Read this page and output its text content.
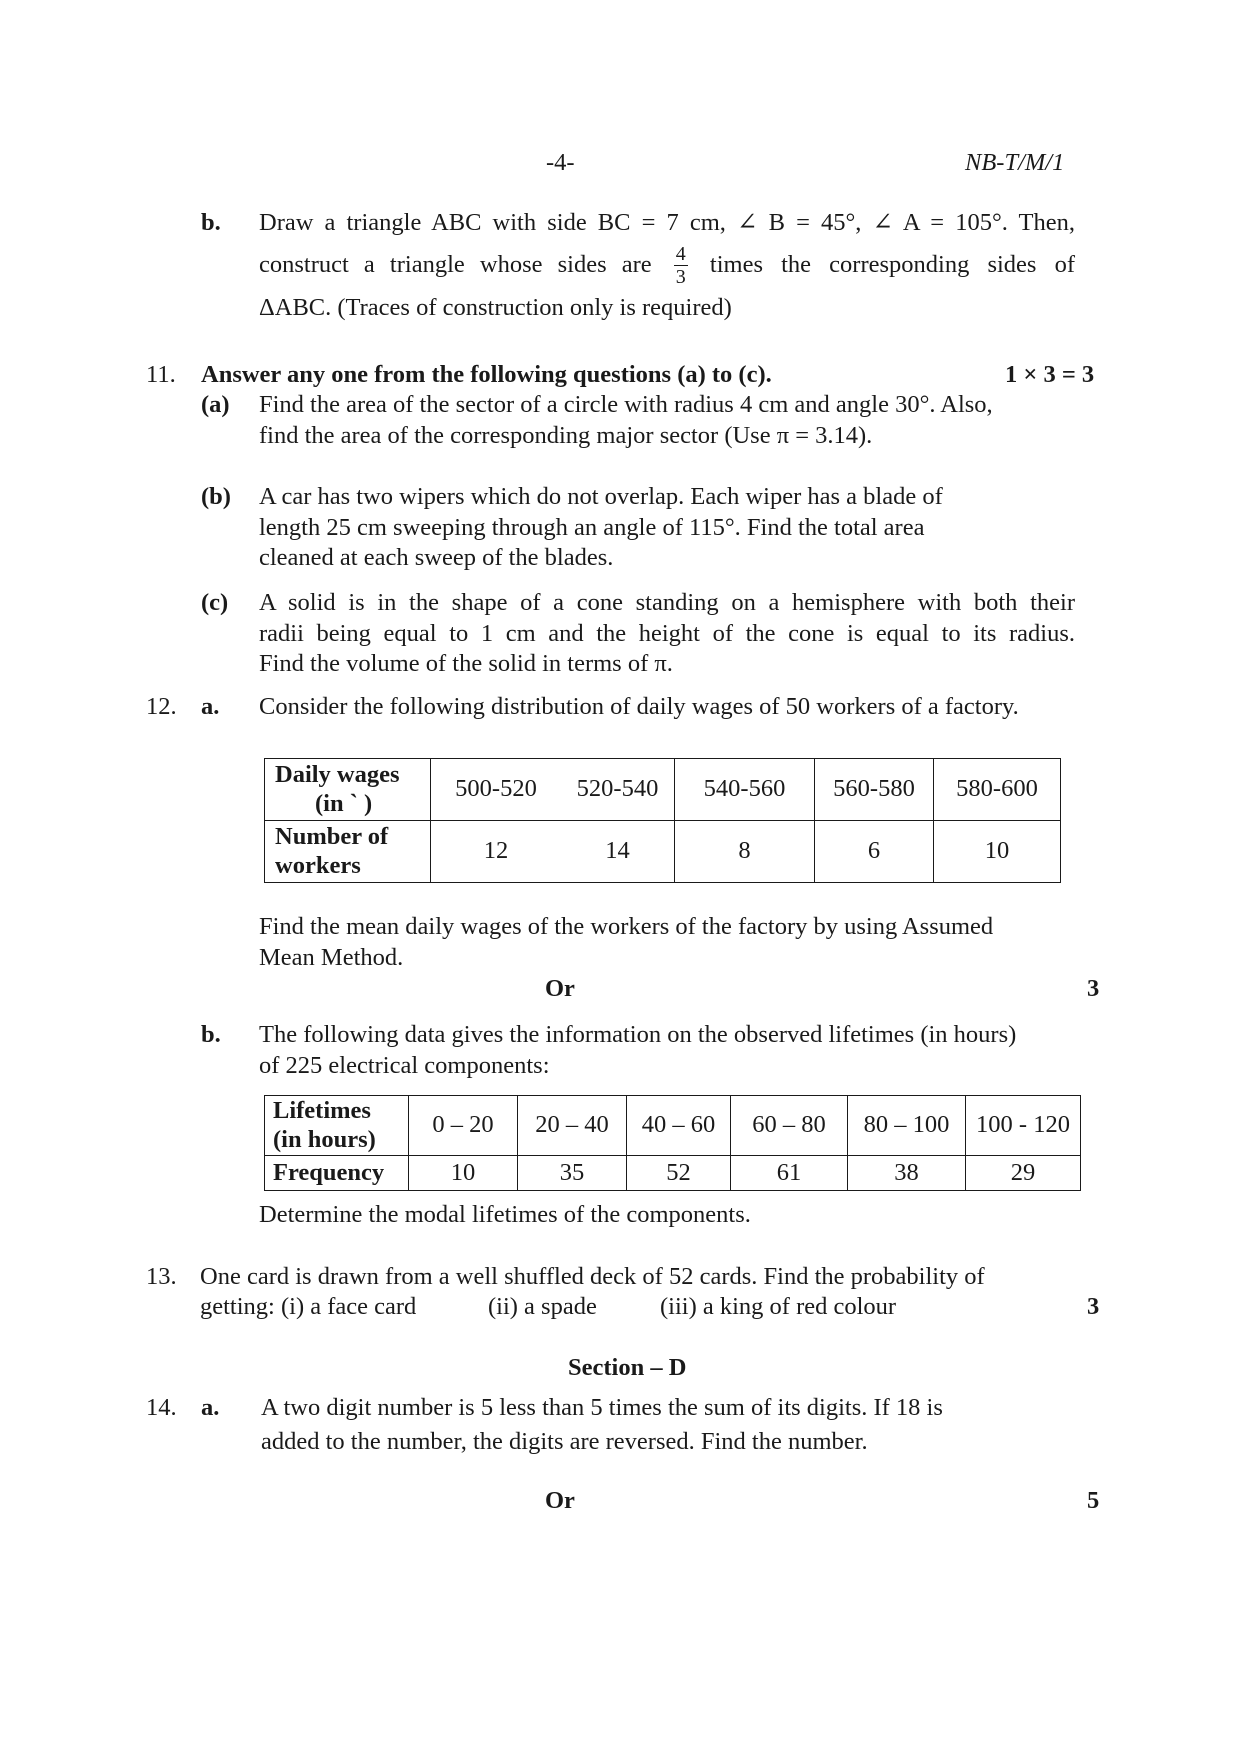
-4-	NB-T/M/1
b. Draw a triangle ABC with side BC = 7 cm, ∠ B = 45°, ∠ A = 105°. Then,
construct a triangle whose sides are $\frac{4}{3}$ times the corresponding sides of
ΔABC. (Traces of construction only is required)
11. Answer any one from the following questions (a) to (c).	1 × 3 = 3
(a) Find the area of the sector of a circle with radius 4 cm and angle 30°. Also,
find the area of the corresponding major sector (Use π = 3.14).
(b) A car has two wipers which do not overlap. Each wiper has a blade of
length 25 cm sweeping through an angle of 115°. Find the total area
cleaned at each sweep of the blades.
(c) A solid is in the shape of a cone standing on a hemisphere with both their
radii being equal to 1 cm and the height of the cone is equal to its radius.
Find the volume of the solid in terms of π.
12. a. Consider the following distribution of daily wages of 50 workers of a factory.
Daily wages
(in ` )	500-520	520-540	540-560	560-580	580-600

Number of
workers	12	14	8	6	10
Find the mean daily wages of the workers of the factory by using Assumed
Mean Method.
Or	3
b. The following data gives the information on the observed lifetimes (in hours)
of 225 electrical components:
Lifetimes
(in hours)	0 – 20	20 – 40	40 – 60	60 – 80	80 – 100	100 - 120
Frequency	10	35	52	61	38	29
Determine the modal lifetimes of the components.
13. One card is drawn from a well shuffled deck of 52 cards. Find the probability of
getting: (i) a face card	(ii) a spade	(iii) a king of red colour	3
Section – D
14. a. A two digit number is 5 less than 5 times the sum of its digits. If 18 is
added to the number, the digits are reversed. Find the number.
Or	5
